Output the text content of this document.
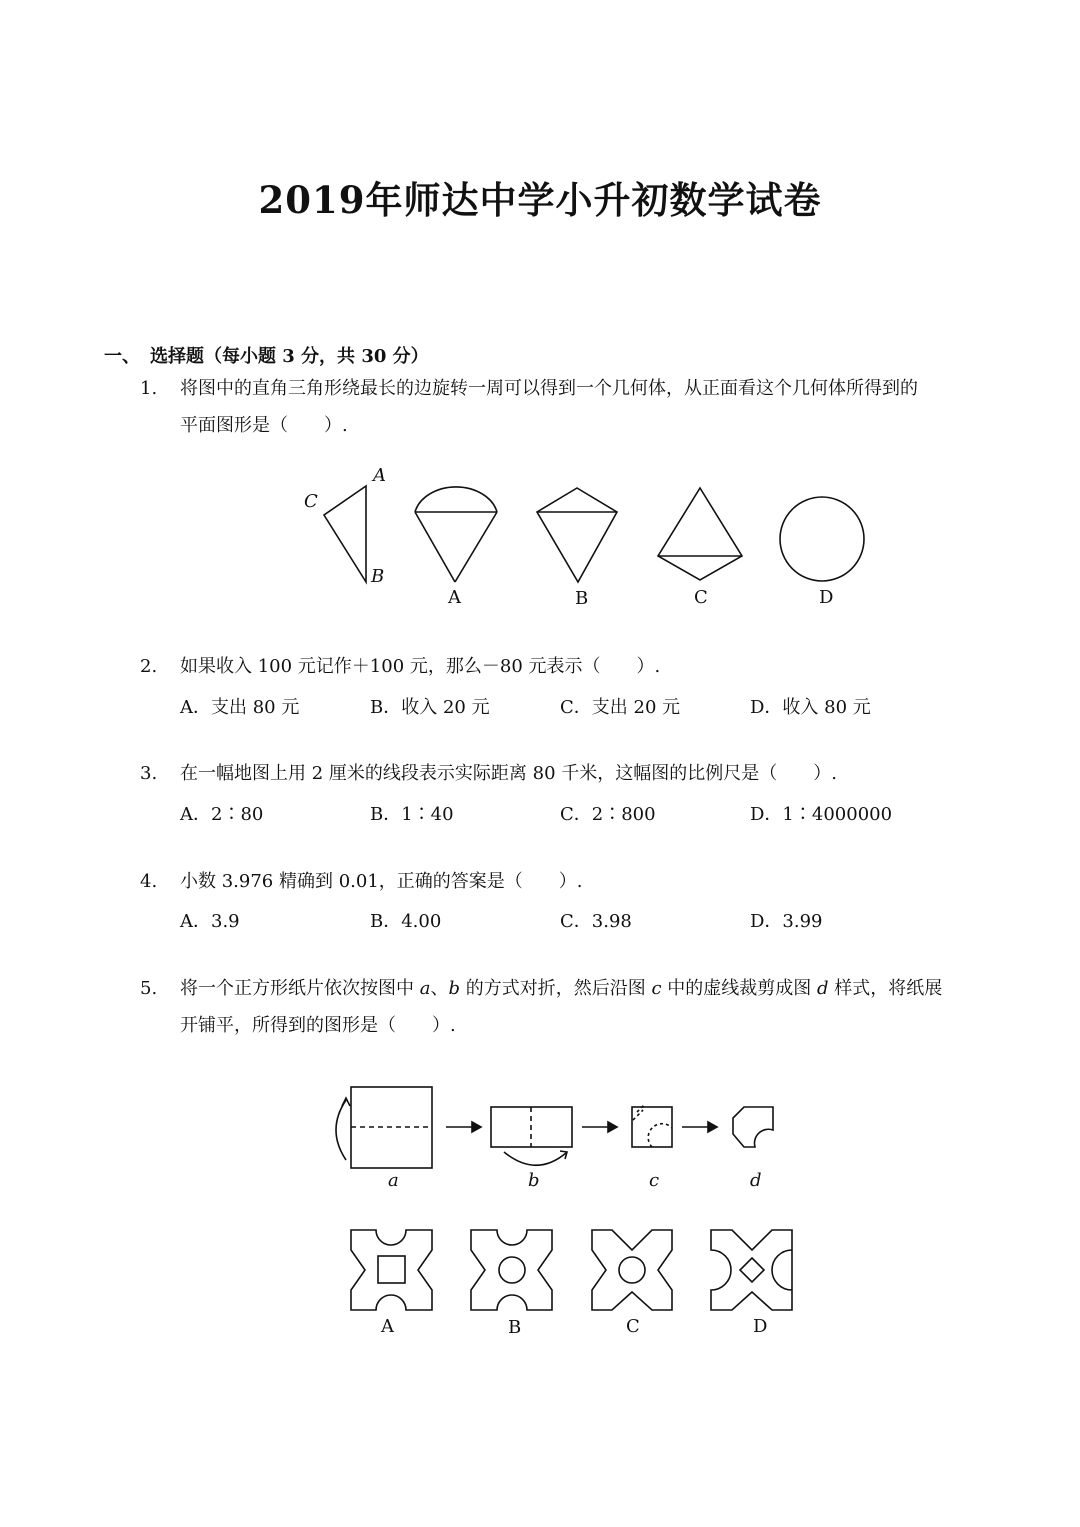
2019年师达中学小升初数学试卷
一、 选择题（每小题 3 分，共 30 分）
1. 将图中的直角三角形绕最长的边旋转一周可以得到一个几何体，从正面看这个几何体所得到的
平面图形是（　　）.
A
B
C
A	B	C	D
2. 如果收入 100 元记作＋100 元，那么－80 元表示（　　）.
A．支出 80 元	B．收入 20 元	C．支出 20 元	D．收入 80 元
3. 在一幅地图上用 2 厘米的线段表示实际距离 80 千米，这幅图的比例尺是（　　）.
A．2∶80	B．1∶40	C．2∶800	D．1∶4000000
4. 小数 3.976 精确到 0.01，正确的答案是（　　）.
A．3.9	B．4.00	C．3.98	D．3.99
5. 将一个正方形纸片依次按图中 a、b 的方式对折，然后沿图 c 中的虚线裁剪成图 d 样式，将纸展
开铺平，所得到的图形是（　　）.
a	b	c	d
A	B	C	D
